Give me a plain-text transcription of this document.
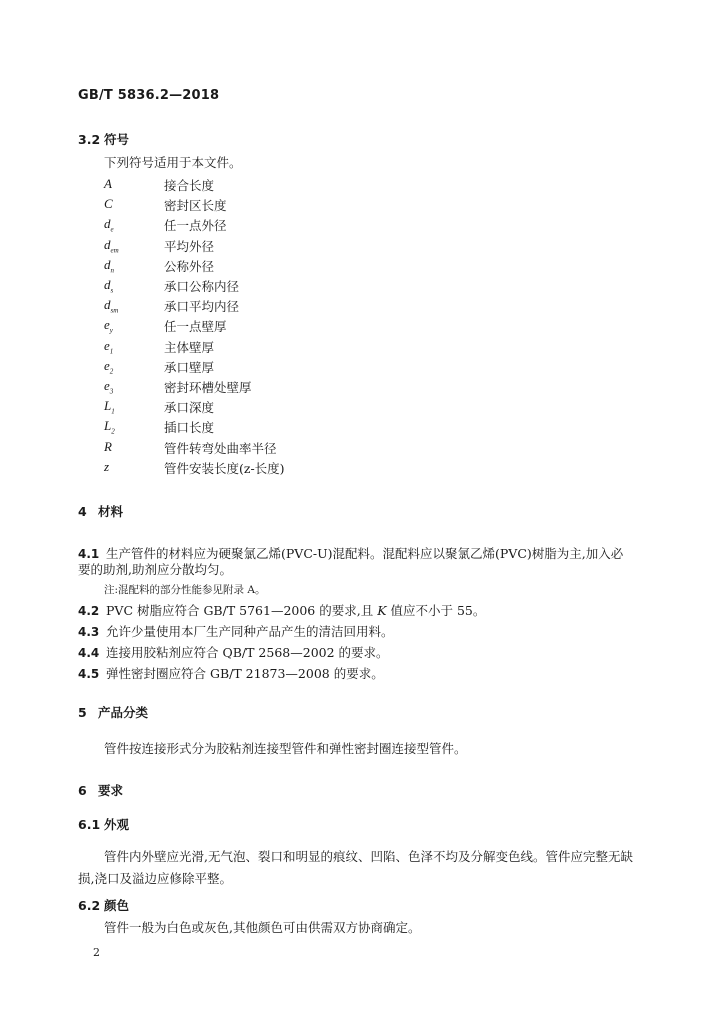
GB/T 5836.2—2018
3.2 符号
下列符号适用于本文件。
A	接合长度
C	密封区长度
$d_e$	任一点外径
$d_{em}$	平均外径
$d_n$	公称外径
$d_s$	承口公称内径
$d_{sm}$	承口平均内径
$e_y$	任一点壁厚
$e_1$	主体壁厚
$e_2$	承口壁厚
$e_3$	密封环槽处壁厚
$L_1$	承口深度
$L_2$	插口长度
R	管件转弯处曲率半径
z	管件安装长度(z-长度)
4 材料
4.1 生产管件的材料应为硬聚氯乙烯(PVC-U)混配料。混配料应以聚氯乙烯(PVC)树脂为主,加入必
要的助剂,助剂应分散均匀。
注:混配料的部分性能参见附录 A。
4.2 PVC 树脂应符合 GB/T 5761—2006 的要求,且 K 值应不小于 55。
4.3 允许少量使用本厂生产同种产品产生的清洁回用料。
4.4 连接用胶粘剂应符合 QB/T 2568—2002 的要求。
4.5 弹性密封圈应符合 GB/T 21873—2008 的要求。
5 产品分类
管件按连接形式分为胶粘剂连接型管件和弹性密封圈连接型管件。
6 要求
6.1 外观
管件内外壁应光滑,无气泡、裂口和明显的痕纹、凹陷、色泽不均及分解变色线。管件应完整无缺
损,浇口及溢边应修除平整。
6.2 颜色
管件一般为白色或灰色,其他颜色可由供需双方协商确定。
2
